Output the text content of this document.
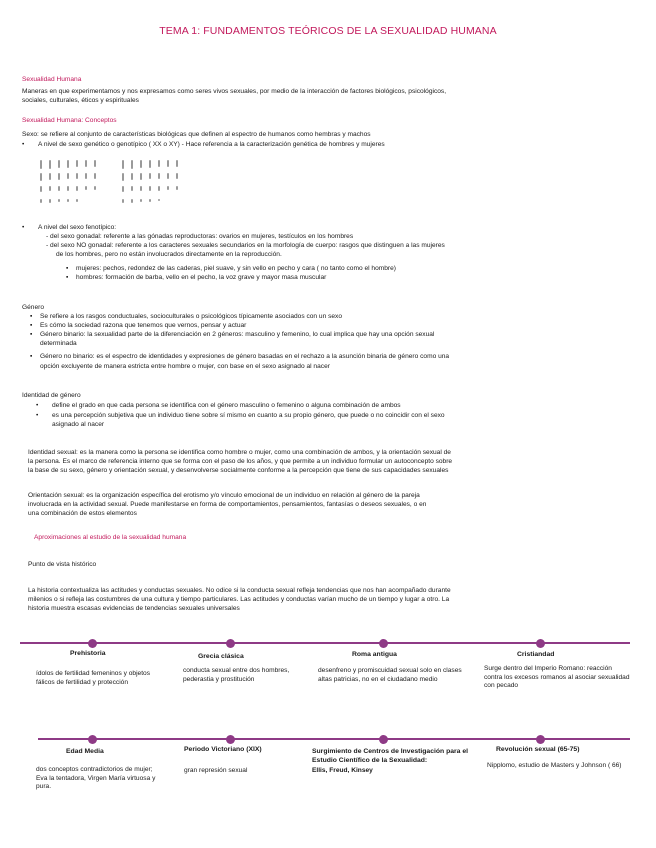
TEMA 1: FUNDAMENTOS TEÓRICOS DE LA SEXUALIDAD HUMANA
Sexualidad Humana
Maneras en que experimentamos y nos expresamos como seres vivos sexuales, por medio de la interacción de factores biológicos, psicológicos,
sociales, culturales, éticos y espirituales
Sexualidad Humana: Conceptos
Sexo: se refiere al conjunto de características biológicas que definen al espectro de humanos como hembras y machos
• A nivel de sexo genético o genotípico ( XX o XY) - Hace referencia a la caracterización genética de hombres y mujeres
• A nivel del sexo fenotípico:
- del sexo gonadal: referente a las gónadas reproductoras: ovarios en mujeres, testículos en los hombres
- del sexo NO gonadal: referente a los caracteres sexuales secundarios en la morfología de cuerpo: rasgos que distinguen a las mujeres
de los hombres, pero no están involucrados directamente en la reproducción.
▪ mujeres: pechos, redondez de las caderas, piel suave, y sin vello en pecho y cara ( no tanto como el hombre)
▪ hombres: formación de barba, vello en el pecho, la voz grave y mayor masa muscular
Género
▪ Se refiere a los rasgos conductuales, socioculturales o psicológicos típicamente asociados con un sexo
▪ Es cómo la sociedad razona que tenemos que vernos, pensar y actuar
▪ Género binario: la sexualidad parte de la diferenciación en 2 géneros: masculino y femenino, lo cual implica que hay una opción sexual
determinada
▪ Género no binario: es el espectro de identidades y expresiones de género basadas en el rechazo a la asunción binaria de género como una
opción excluyente de manera estricta entre hombre o mujer, con base en el sexo asignado al nacer
Identidad de género
• define el grado en que cada persona se identifica con el género masculino o femenino o alguna combinación de ambos
• es una percepción subjetiva que un individuo tiene sobre sí mismo en cuanto a su propio género, que puede o no coincidir con el sexo
asignado al nacer
Identidad sexual: es la manera como la persona se identifica como hombre o mujer, como una combinación de ambos, y la orientación sexual de
la persona. Es el marco de referencia interno que se forma con el paso de los años, y que permite a un individuo formular un autoconcepto sobre
la base de su sexo, género y orientación sexual, y desenvolverse socialmente conforme a la percepción que tiene de sus capacidades sexuales
Orientación sexual: es la organización específica del erotismo y/o vínculo emocional de un individuo en relación al género de la pareja
involucrada en la actividad sexual. Puede manifestarse en forma de comportamientos, pensamientos, fantasías o deseos sexuales, o en
una combinación de estos elementos
Aproximaciones al estudio de la sexualidad humana
Punto de vista histórico
La historia contextualiza las actitudes y conductas sexuales. No odice si la conducta sexual refleja tendencias que nos han acompañado durante
milenios o si refleja las costumbres de una cultura y tiempo particulares. Las actitudes y conductas varían mucho de un tiempo y lugar a otro. La
historia muestra escasas evidencias de tendencias sexuales universales
Prehistoria
ídolos de fertilidad femeninos y objetos fálicos de fertilidad y protección
Grecia clásica
conducta sexual entre dos hombres, pederastia y prostitución
Roma antigua
desenfreno y promiscuidad sexual solo en clases altas patricias, no en el ciudadano medio
Cristiandad
Surge dentro del Imperio Romano: reacción contra los excesos romanos al asociar sexualidad con pecado
Edad Media
dos conceptos contradictorios de mujer; Eva la tentadora, Virgen María virtuosa y pura.
Periodo Victoriano (XIX)
gran represión sexual
Surgimiento de Centros de Investigación para el Estudio Científico de la Sexualidad:
Ellis, Freud, Kinsey
Revolución sexual (65-75)
Nipplomo, estudio de Masters y Johnson ( 66)
